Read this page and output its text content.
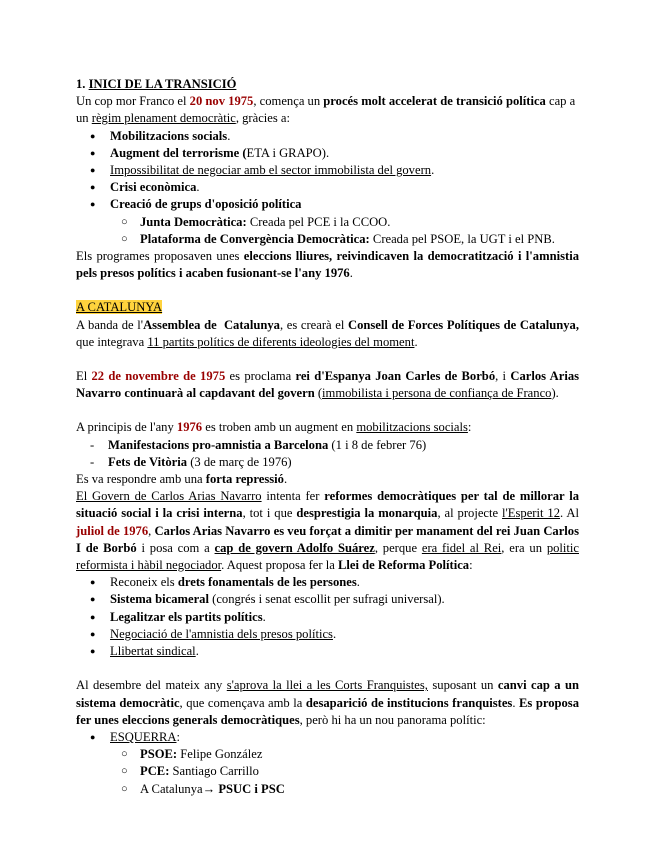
1. INICI DE LA TRANSICIÓ

Un cop mor Franco el 20 nov 1975, comença un procés molt accelerat de transició política cap a un règim plenament democràtic, gràcies a:

● Mobilitzacions socials.
● Augment del terrorisme (ETA i GRAPO).
● Impossibilitat de negociar amb el sector immobilista del govern.
● Crisi econòmica.
● Creació de grups d'oposició política
○ Junta Democràtica: Creada pel PCE i la CCOO.
○ Plataforma de Convergència Democràtica: Creada pel PSOE, la UGT i el PNB.

Els programes proposaven unes eleccions lliures, reivindicaven la democratització i l'amnistia pels presos polítics i acaben fusionant-se l'any 1976.

A CATALUNYA

A banda de l'Assemblea de  Catalunya, es crearà el Consell de Forces Polítiques de Catalunya, que integrava 11 partits polítics de diferents ideologies del moment.

El 22 de novembre de 1975 es proclama rei d'Espanya Joan Carles de Borbó, i Carlos Arias Navarro continuarà al capdavant del govern (immobilista i persona de confiança de Franco).

A principis de l'any 1976 es troben amb un augment en mobilitzacions socials:

- Manifestacions pro-amnistia a Barcelona (1 i 8 de febrer 76)
- Fets de Vitòria (3 de març de 1976)

Es va respondre amb una forta repressió.

El Govern de Carlos Arias Navarro intenta fer reformes democràtiques per tal de millorar la situació social i la crisi interna, tot i que desprestigia la monarquia, al projecte l'Esperit 12. Al juliol de 1976, Carlos Arias Navarro es veu forçat a dimitir per manament del rei Juan Carlos I de Borbó i posa com a cap de govern Adolfo Suárez, perque era fidel al Rei, era un politic reformista i hàbil negociador. Aquest proposa fer la Llei de Reforma Política:

● Reconeix els drets fonamentals de les persones.
● Sistema bicameral (congrés i senat escollit per sufragi universal).
● Legalitzar els partits polítics.
● Negociació de l'amnistia dels presos polítics.
● Llibertat sindical.

Al desembre del mateix any s'aprova la llei a les Corts Franquistes, suposant un canvi cap a un sistema democràtic, que començava amb la desaparició de institucions franquistes. Es proposa fer unes eleccions generals democràtiques, però hi ha un nou panorama polític:

● ESQUERRA:
○ PSOE: Felipe González
○ PCE: Santiago Carrillo
○ A Catalunya→ PSUC i PSC
